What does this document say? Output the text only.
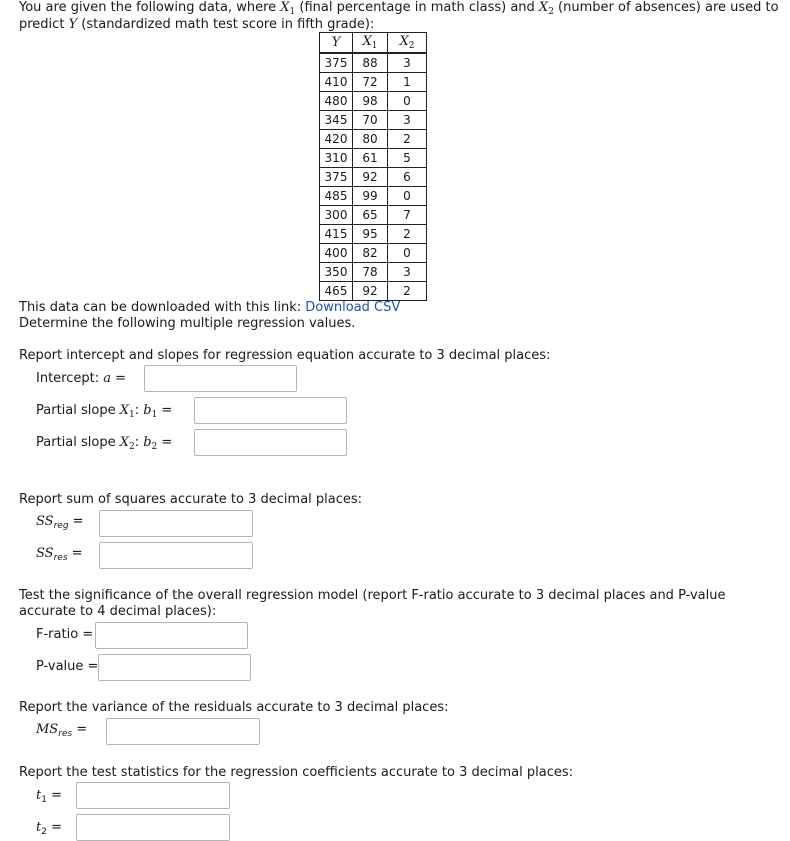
You are given the following data, where $X_1$ (final percentage in math class) and $X_2$ (number of absences) are used to predict Y (standardized math test score in fifth grade):
Y	$X_1$	$X_2$
375	88	3
410	72	1
480	98	0
345	70	3
420	80	2
310	61	5
375	92	6
485	99	0
300	65	7
415	95	2
400	82	0
350	78	3
465	92	2
This data can be downloaded with this link: Download CSV
Determine the following multiple regression values.
Report intercept and slopes for regression equation accurate to 3 decimal places:
Intercept: a =
Partial slope $X_1$: $b_1$ =
Partial slope $X_2$: $b_2$ =
Report sum of squares accurate to 3 decimal places:
$SS_{reg}$ =
$SS_{res}$ =
Test the significance of the overall regression model (report F-ratio accurate to 3 decimal places and P-value accurate to 4 decimal places):
F-ratio =
P-value =
Report the variance of the residuals accurate to 3 decimal places:
$MS_{res}$ =
Report the test statistics for the regression coefficients accurate to 3 decimal places:
$t_1$ =
$t_2$ =
